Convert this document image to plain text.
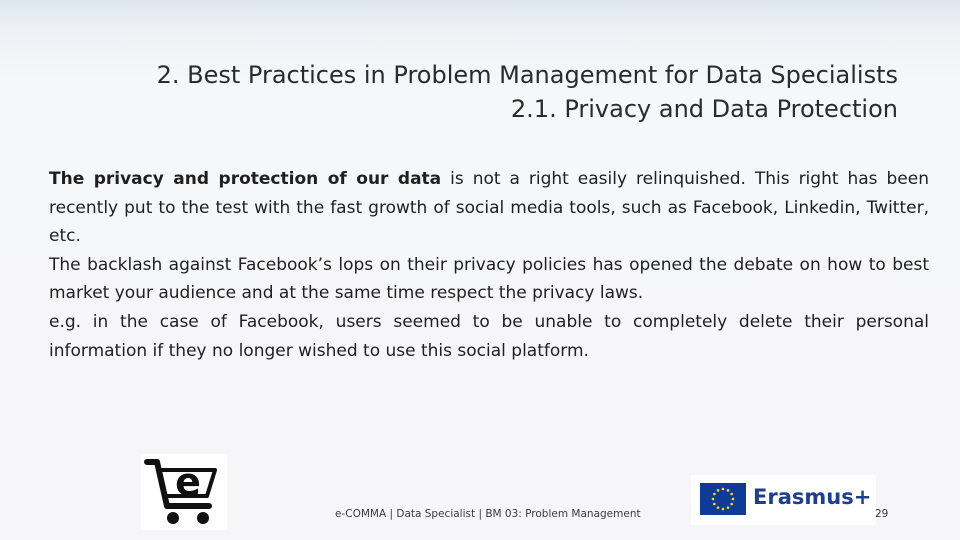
2. Best Practices in Problem Management for Data Specialists
2.1. Privacy and Data Protection

The privacy and protection of our data is not a right easily relinquished. This right has been recently put to the test with the fast growth of social media tools, such as Facebook, Linkedin, Twitter, etc.

The backlash against Facebook’s lops on their privacy policies has opened the debate on how to best market your audience and at the same time respect the privacy laws.

e.g. in the case of Facebook, users seemed to be unable to completely delete their personal information if they no longer wished to use this social platform.

e
e-COMMA | Data Specialist | BM 03: Problem Management
Erasmus+
29
